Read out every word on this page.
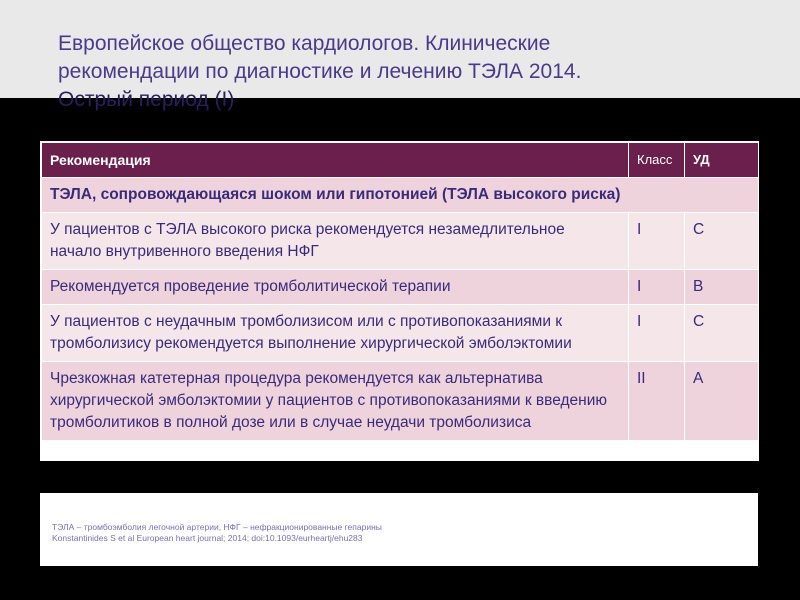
Европейское общество кардиологов. Клинические
рекомендации по диагностике и лечению ТЭЛА 2014.
Острый период (I)
Рекомендация	Класс	УД
ТЭЛА, сопровождающаяся шоком или гипотонией (ТЭЛА высокого риска)		
У пациентов с ТЭЛА высокого риска рекомендуется незамедлительное начало внутривенного введения НФГ	I	C
Рекомендуется проведение тромболитической терапии	I	B
У пациентов с неудачным тромболизисом или с противопоказаниями к тромболизису рекомендуется выполнение хирургической эмболэктомии	I	C
Чрезкожная катетерная процедура рекомендуется как альтернатива хирургической эмболэктомии у пациентов с противопоказаниями к введению тромболитиков в полной дозе или в случае неудачи тромболизиса	II	A

ТЭЛА – тромбоэмболия легочной артерии, НФГ – нефракционированные гепарины

Konstantinides S et al European heart journal; 2014; doi:10.1093/eurheartj/ehu283
